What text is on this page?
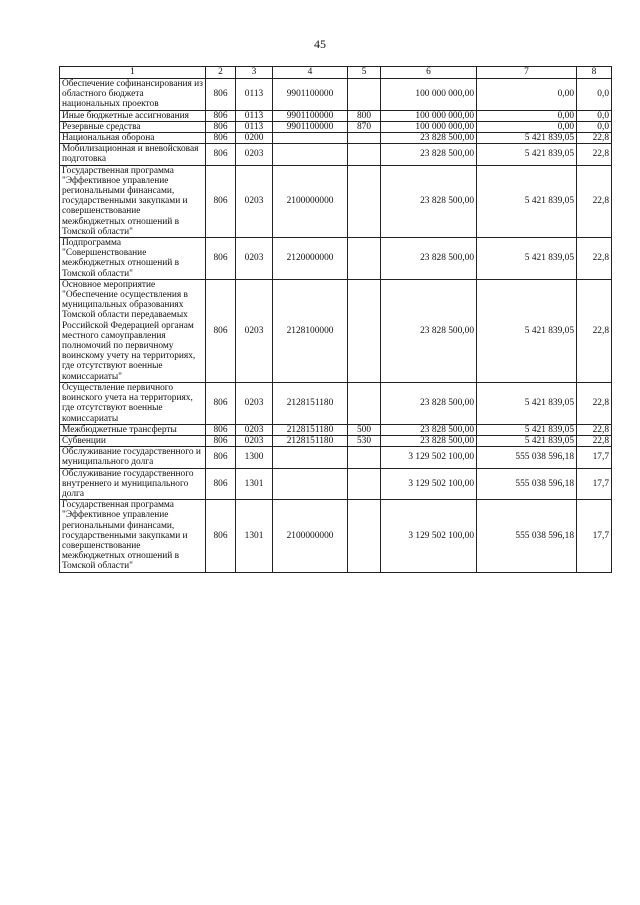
45
1	2	3	4	5	6	7	8
Обеспечение софинансирования из областного бюджета национальных проектов	806	0113	9901100000		100 000 000,00	0,00	0,0
Иные бюджетные ассигнования	806	0113	9901100000	800	100 000 000,00	0,00	0,0
Резервные средства	806	0113	9901100000	870	100 000 000,00	0,00	0,0
Национальная оборона	806	0200			23 828 500,00	5 421 839,05	22,8
Мобилизационная и вневойсковая подготовка	806	0203			23 828 500,00	5 421 839,05	22,8
Государственная программа "Эффективное управление региональными финансами, государственными закупками и совершенствование межбюджетных отношений в Томской области"	806	0203	2100000000		23 828 500,00	5 421 839,05	22,8
Подпрограмма "Совершенствование межбюджетных отношений в Томской области"	806	0203	2120000000		23 828 500,00	5 421 839,05	22,8
Основное мероприятие "Обеспечение осуществления в муниципальных образованиях Томской области передаваемых Российской Федерацией органам местного самоуправления полномочий по первичному воинскому учету на территориях, где отсутствуют военные комиссариаты"	806	0203	2128100000		23 828 500,00	5 421 839,05	22,8
Осуществление первичного воинского учета на территориях, где отсутствуют военные комиссариаты	806	0203	2128151180		23 828 500,00	5 421 839,05	22,8
Межбюджетные трансферты	806	0203	2128151180	500	23 828 500,00	5 421 839,05	22,8
Субвенции	806	0203	2128151180	530	23 828 500,00	5 421 839,05	22,8
Обслуживание государственного и муниципального долга	806	1300			3 129 502 100,00	555 038 596,18	17,7
Обслуживание государственного внутреннего и муниципального долга	806	1301			3 129 502 100,00	555 038 596,18	17,7
Государственная программа "Эффективное управление региональными финансами, государственными закупками и совершенствование межбюджетных отношений в Томской области"	806	1301	2100000000		3 129 502 100,00	555 038 596,18	17,7
